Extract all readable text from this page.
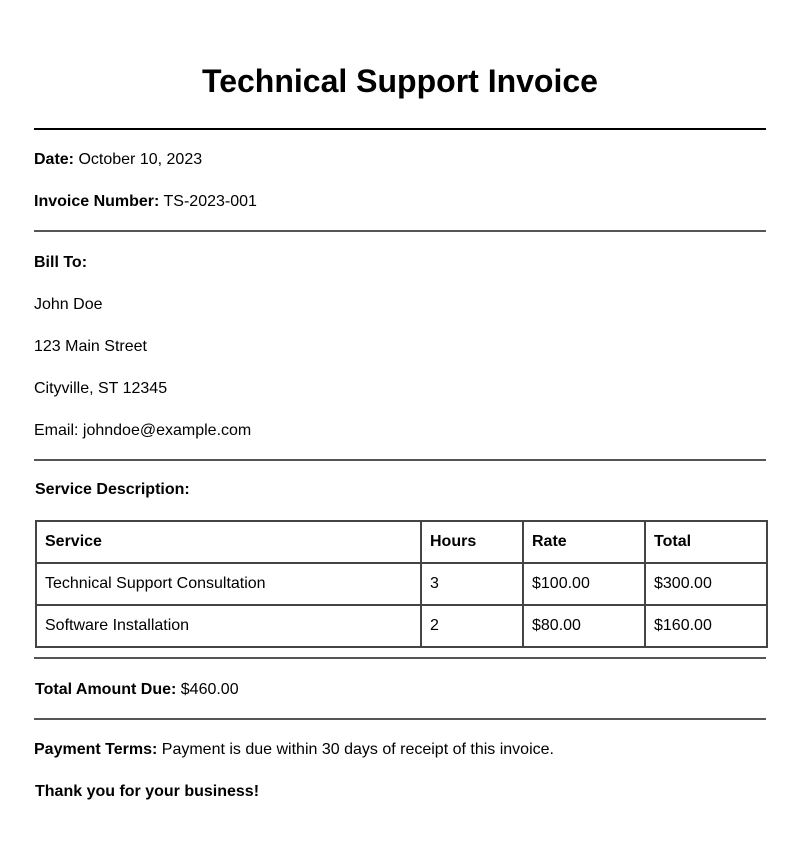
Technical Support Invoice

Date: October 10, 2023

Invoice Number: TS-2023-001

Bill To:

John Doe

123 Main Street

Cityville, ST 12345

Email: johndoe@example.com

Service Description:

Service	Hours	Rate	Total
Technical Support Consultation	3	$100.00	$300.00
Software Installation	2	$80.00	$160.00

Total Amount Due: $460.00

Payment Terms: Payment is due within 30 days of receipt of this invoice.

Thank you for your business!
